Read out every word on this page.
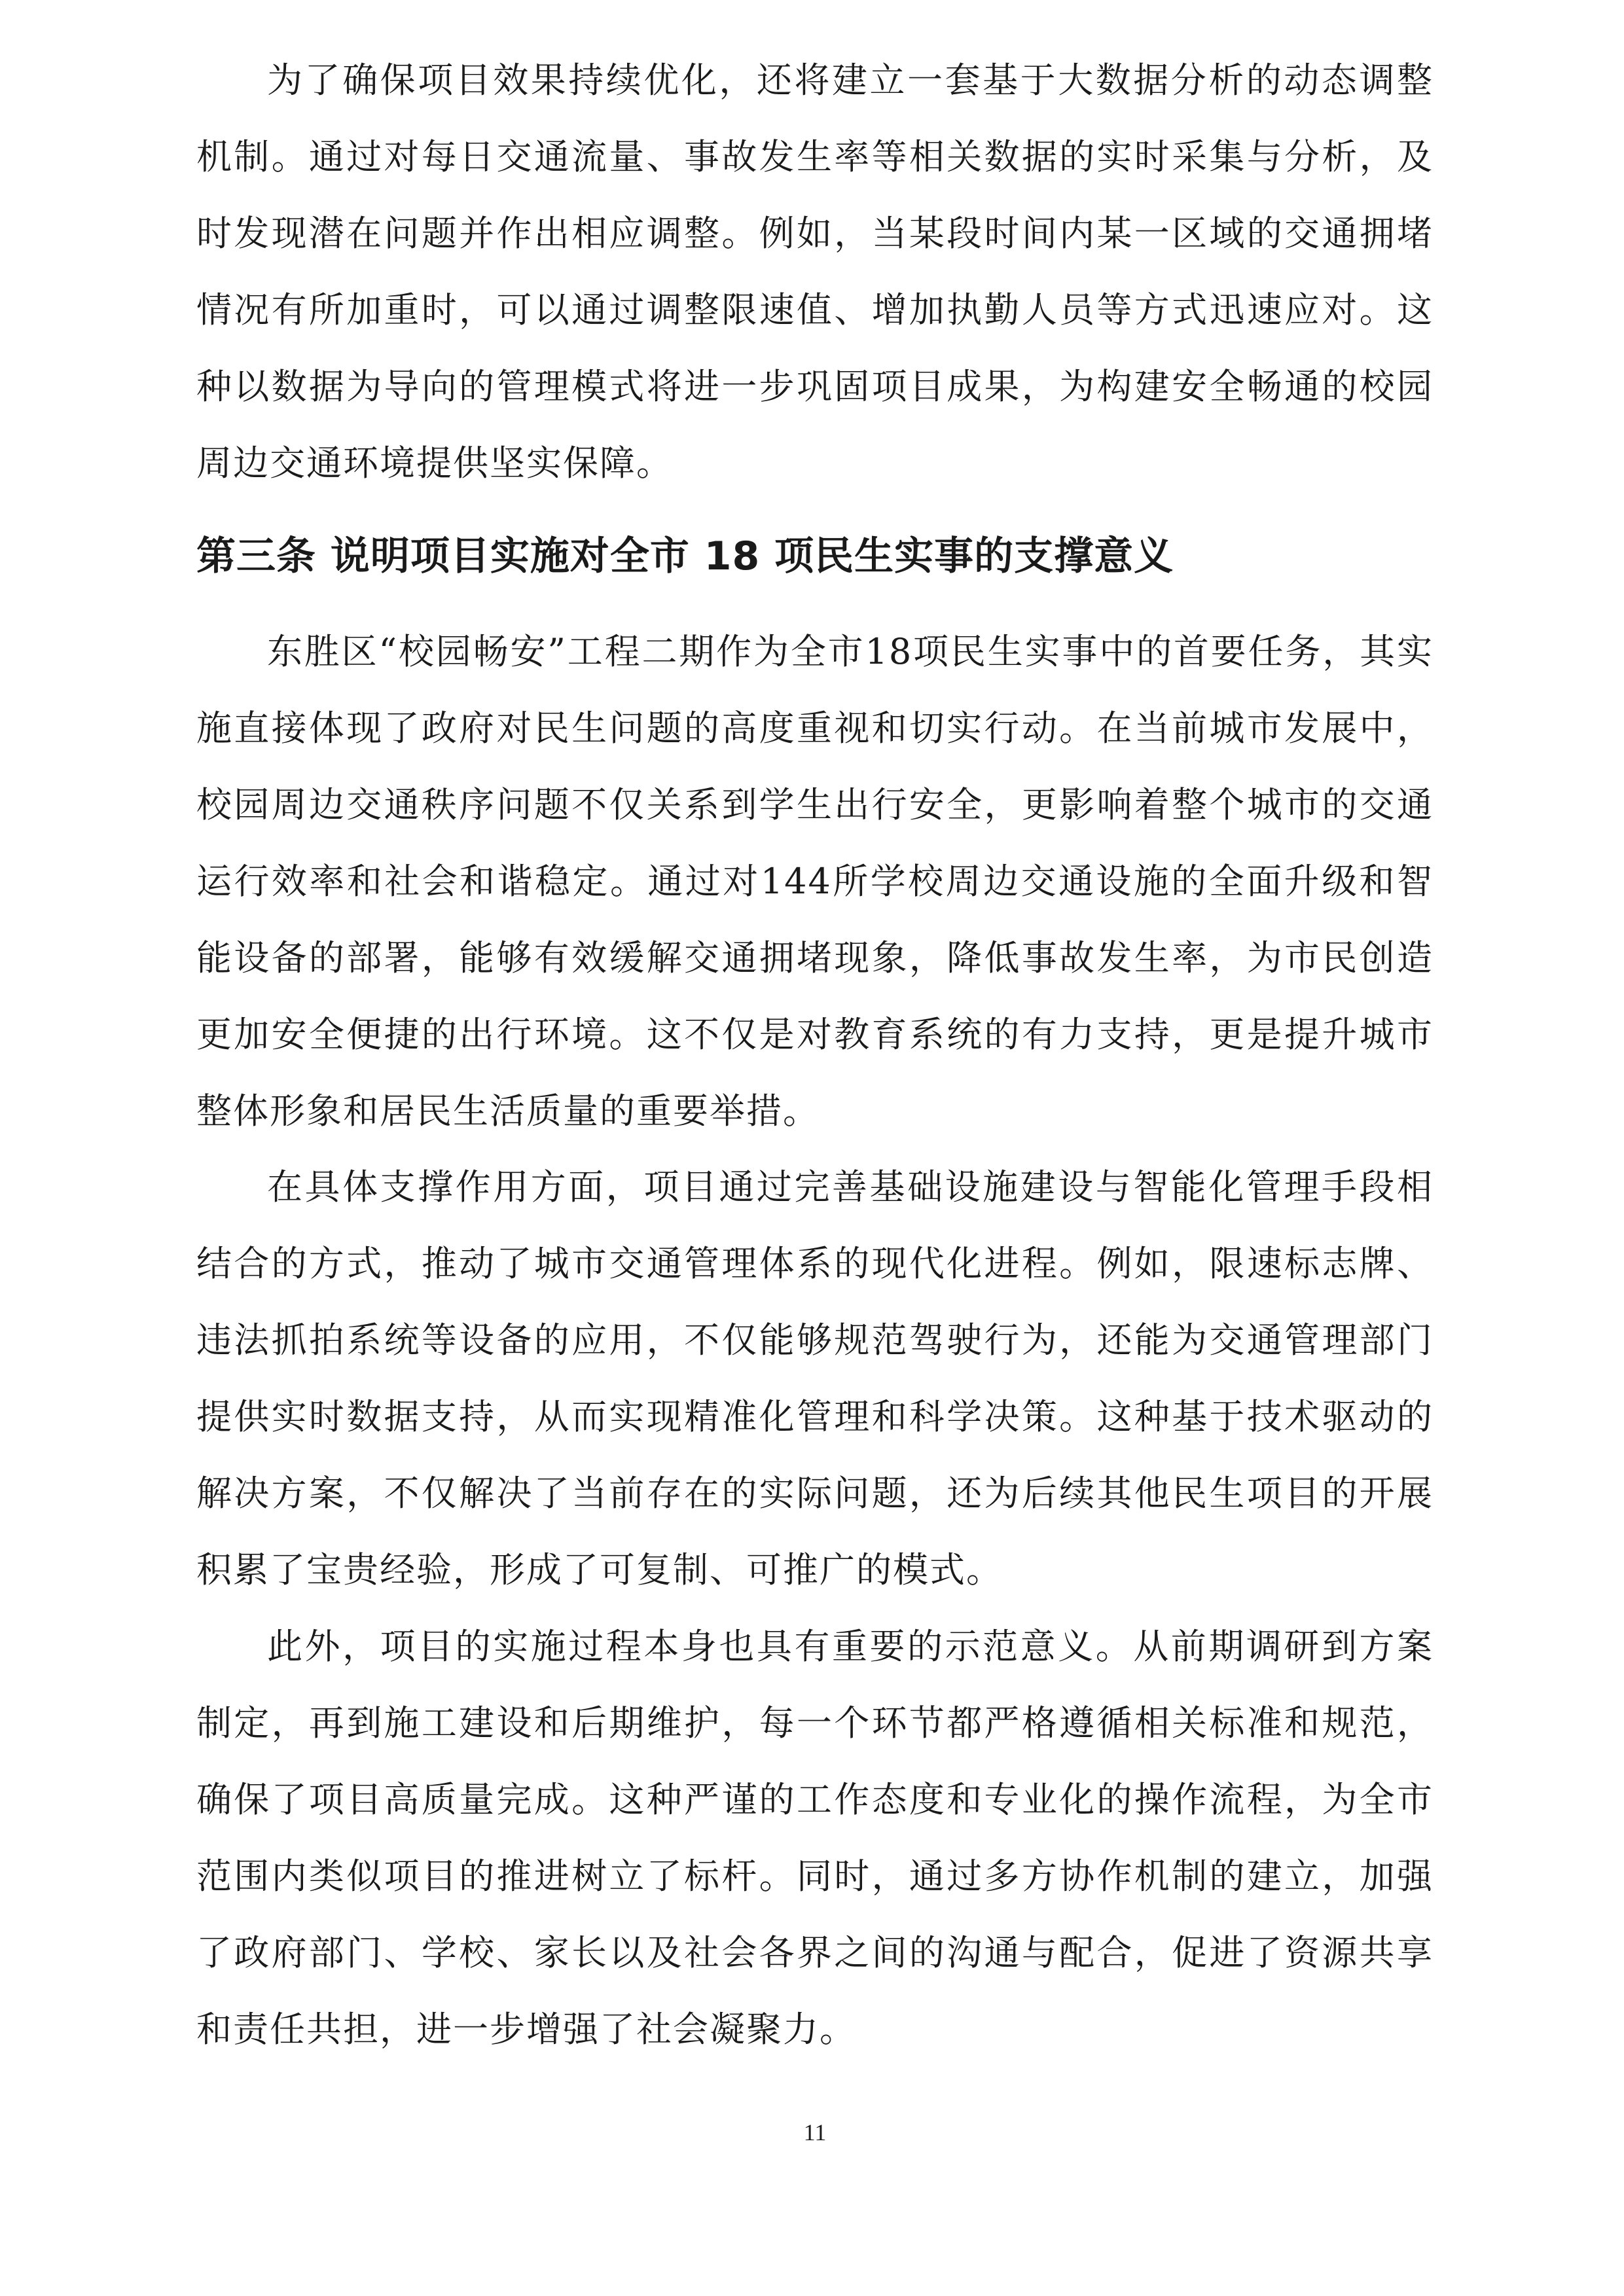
为了确保项目效果持续优化，还将建立一套基于大数据分析的动态调整机制。通过对每日交通流量、事故发生率等相关数据的实时采集与分析，及时发现潜在问题并作出相应调整。例如，当某段时间内某一区域的交通拥堵情况有所加重时，可以通过调整限速值、增加执勤人员等方式迅速应对。这种以数据为导向的管理模式将进一步巩固项目成果，为构建安全畅通的校园周边交通环境提供坚实保障。

第三条 说明项目实施对全市 18 项民生实事的支撑意义

东胜区“校园畅安”工程二期作为全市18项民生实事中的首要任务，其实施直接体现了政府对民生问题的高度重视和切实行动。在当前城市发展中，校园周边交通秩序问题不仅关系到学生出行安全，更影响着整个城市的交通运行效率和社会和谐稳定。通过对144所学校周边交通设施的全面升级和智能设备的部署，能够有效缓解交通拥堵现象，降低事故发生率，为市民创造更加安全便捷的出行环境。这不仅是对教育系统的有力支持，更是提升城市整体形象和居民生活质量的重要举措。

在具体支撑作用方面，项目通过完善基础设施建设与智能化管理手段相结合的方式，推动了城市交通管理体系的现代化进程。例如，限速标志牌、违法抓拍系统等设备的应用，不仅能够规范驾驶行为，还能为交通管理部门提供实时数据支持，从而实现精准化管理和科学决策。这种基于技术驱动的解决方案，不仅解决了当前存在的实际问题，还为后续其他民生项目的开展积累了宝贵经验，形成了可复制、可推广的模式。

此外，项目的实施过程本身也具有重要的示范意义。从前期调研到方案制定，再到施工建设和后期维护，每一个环节都严格遵循相关标准和规范，确保了项目高质量完成。这种严谨的工作态度和专业化的操作流程，为全市范围内类似项目的推进树立了标杆。同时，通过多方协作机制的建立，加强了政府部门、学校、家长以及社会各界之间的沟通与配合，促进了资源共享和责任共担，进一步增强了社会凝聚力。

11
